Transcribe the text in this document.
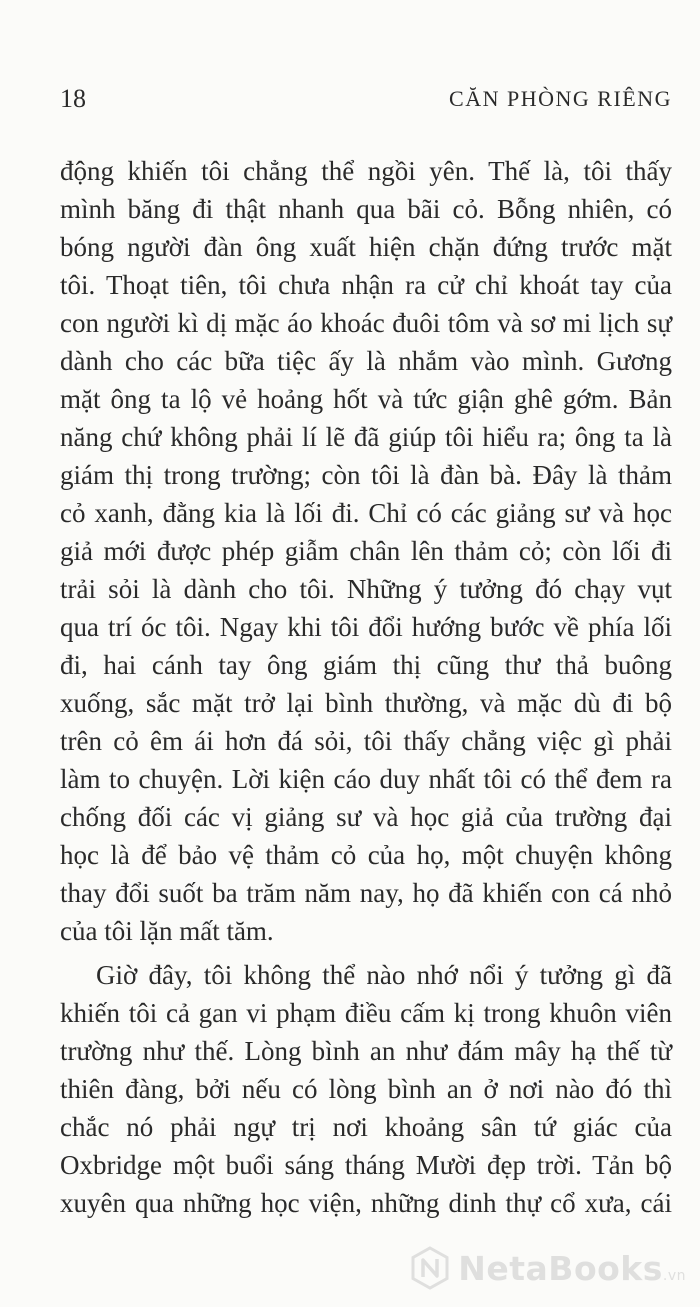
18	CĂN PHÒNG RIÊNG
động khiến tôi chẳng thể ngồi yên. Thế là, tôi thấy
mình băng đi thật nhanh qua bãi cỏ. Bỗng nhiên, có
bóng người đàn ông xuất hiện chặn đứng trước mặt
tôi. Thoạt tiên, tôi chưa nhận ra cử chỉ khoát tay của
con người kì dị mặc áo khoác đuôi tôm và sơ mi lịch sự
dành cho các bữa tiệc ấy là nhắm vào mình. Gương
mặt ông ta lộ vẻ hoảng hốt và tức giận ghê gớm. Bản
năng chứ không phải lí lẽ đã giúp tôi hiểu ra; ông ta là
giám thị trong trường; còn tôi là đàn bà. Đây là thảm
cỏ xanh, đằng kia là lối đi. Chỉ có các giảng sư và học
giả mới được phép giẫm chân lên thảm cỏ; còn lối đi
trải sỏi là dành cho tôi. Những ý tưởng đó chạy vụt
qua trí óc tôi. Ngay khi tôi đổi hướng bước về phía lối
đi, hai cánh tay ông giám thị cũng thư thả buông
xuống, sắc mặt trở lại bình thường, và mặc dù đi bộ
trên cỏ êm ái hơn đá sỏi, tôi thấy chẳng việc gì phải
làm to chuyện. Lời kiện cáo duy nhất tôi có thể đem ra
chống đối các vị giảng sư và học giả của trường đại
học là để bảo vệ thảm cỏ của họ, một chuyện không
thay đổi suốt ba trăm năm nay, họ đã khiến con cá nhỏ
của tôi lặn mất tăm.
Giờ đây, tôi không thể nào nhớ nổi ý tưởng gì đã
khiến tôi cả gan vi phạm điều cấm kị trong khuôn viên
trường như thế. Lòng bình an như đám mây hạ thế từ
thiên đàng, bởi nếu có lòng bình an ở nơi nào đó thì
chắc nó phải ngự trị nơi khoảng sân tứ giác của
Oxbridge một buổi sáng tháng Mười đẹp trời. Tản bộ
xuyên qua những học viện, những dinh thự cổ xưa, cái
NetaBooks.vn
